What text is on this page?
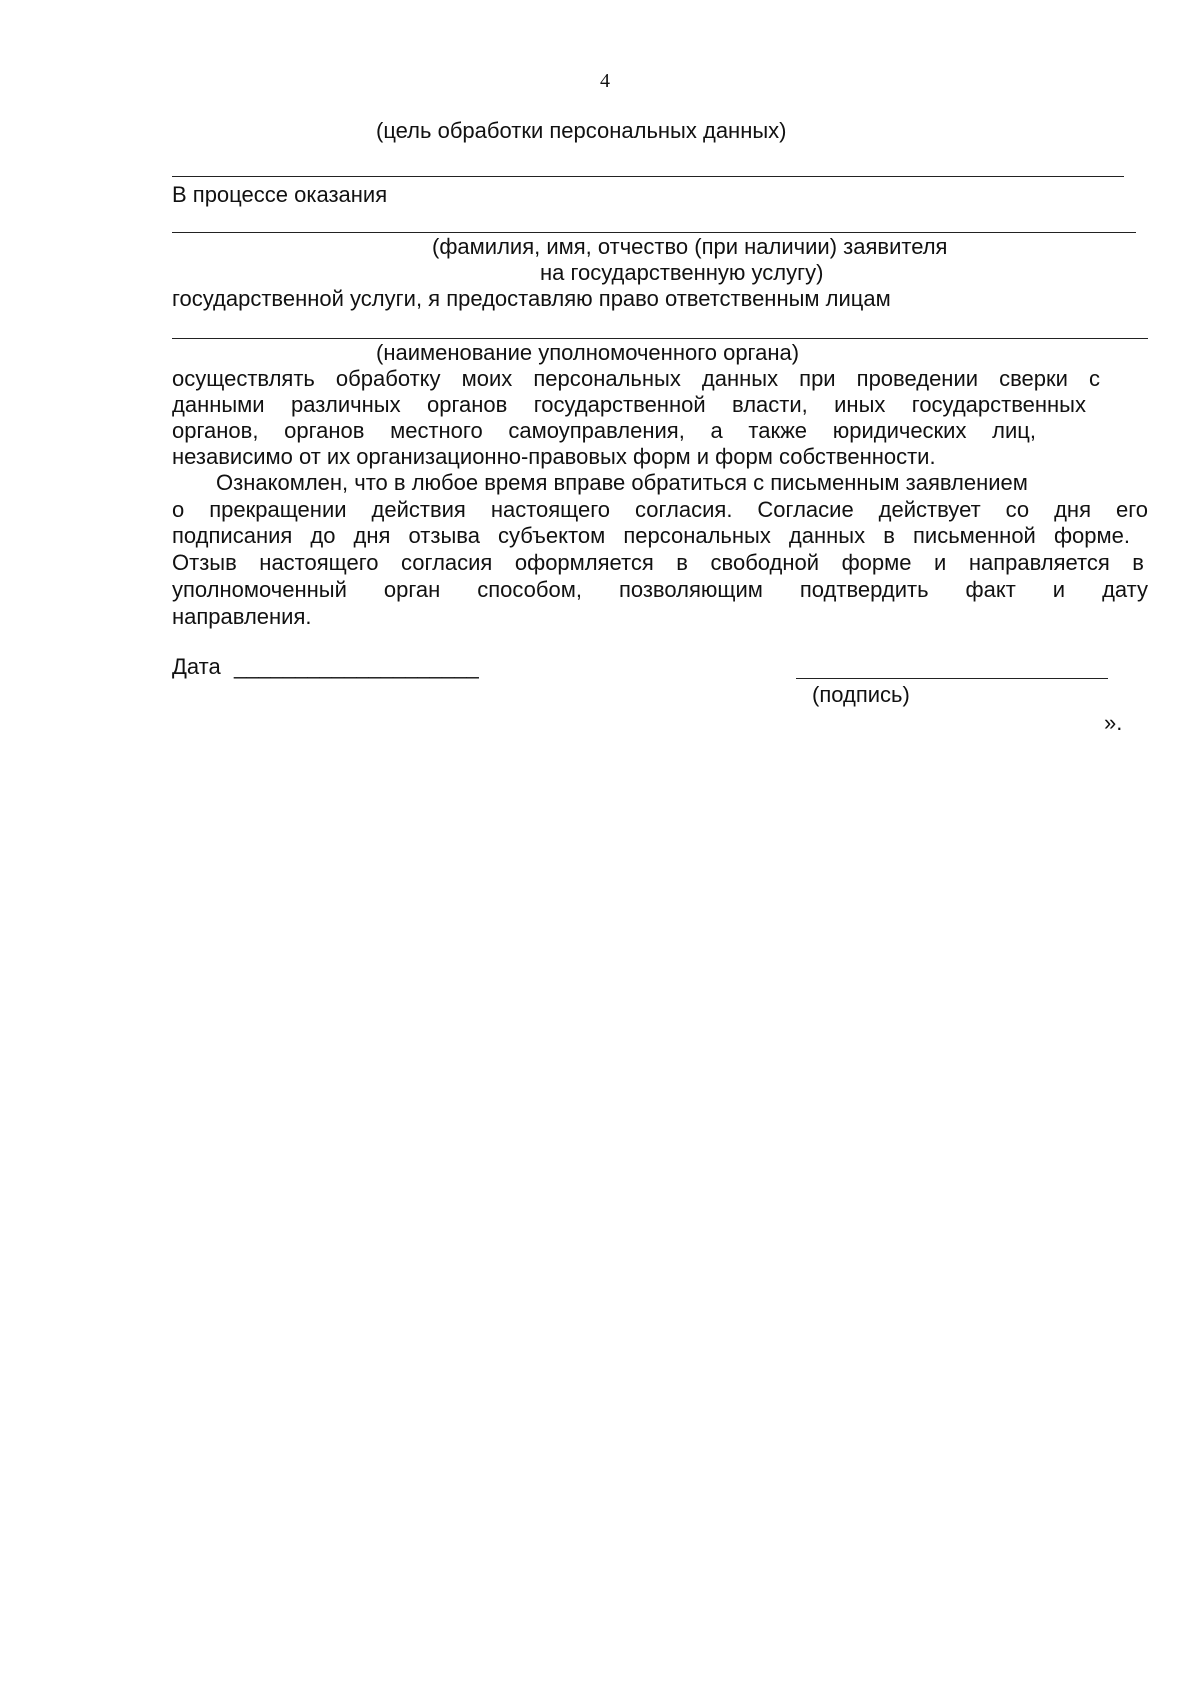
4
(цель обработки персональных данных)
В процессе оказания
(фамилия, имя, отчество (при наличии) заявителя
на государственную услугу)
государственной услуги, я предоставляю право ответственным лицам
(наименование уполномоченного органа)
осуществлять обработку моих персональных данных при проведении сверки с
данными различных органов государственной власти, иных государственных
органов, органов местного самоуправления, а также юридических лиц,
независимо от их организационно-правовых форм и форм собственности.
Ознакомлен, что в любое время вправе обратиться с письменным заявлением
о прекращении действия настоящего согласия. Согласие действует со дня его
подписания до дня отзыва субъектом персональных данных в письменной форме.
Отзыв настоящего согласия оформляется в свободной форме и направляется в
уполномоченный орган способом, позволяющим подтвердить факт и дату
направления.
Дата ____________________
(подпись)
».
